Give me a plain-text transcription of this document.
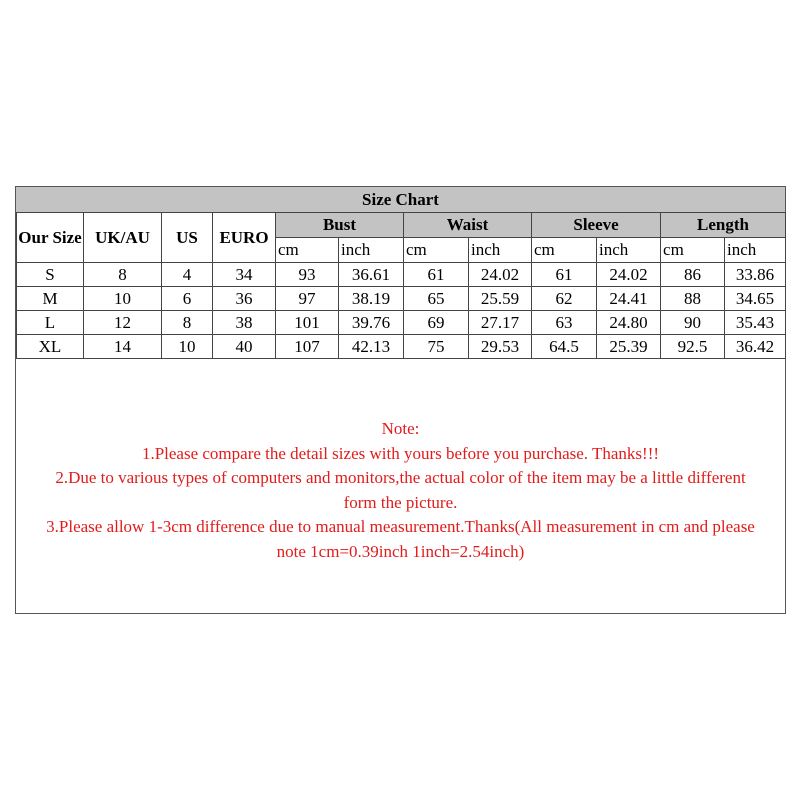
Size Chart
Our Size	UK/AU	US	EURO	Bust		Waist		Sleeve		Length	
				cm	inch	cm	inch	cm	inch	cm	inch
S	8	4	34	93	36.61	61	24.02	61	24.02	86	33.86
M	10	6	36	97	38.19	65	25.59	62	24.41	88	34.65
L	12	8	38	101	39.76	69	27.17	63	24.80	90	35.43
XL	14	10	40	107	42.13	75	29.53	64.5	25.39	92.5	36.42

Note:

1.Please compare the detail sizes with yours before you purchase. Thanks!!!

2.Due to various types of computers and monitors,the actual color of the item may be a little different

form the picture.

3.Please allow 1-3cm difference due to manual measurement.Thanks(All measurement in cm and please

note 1cm=0.39inch 1inch=2.54inch)
